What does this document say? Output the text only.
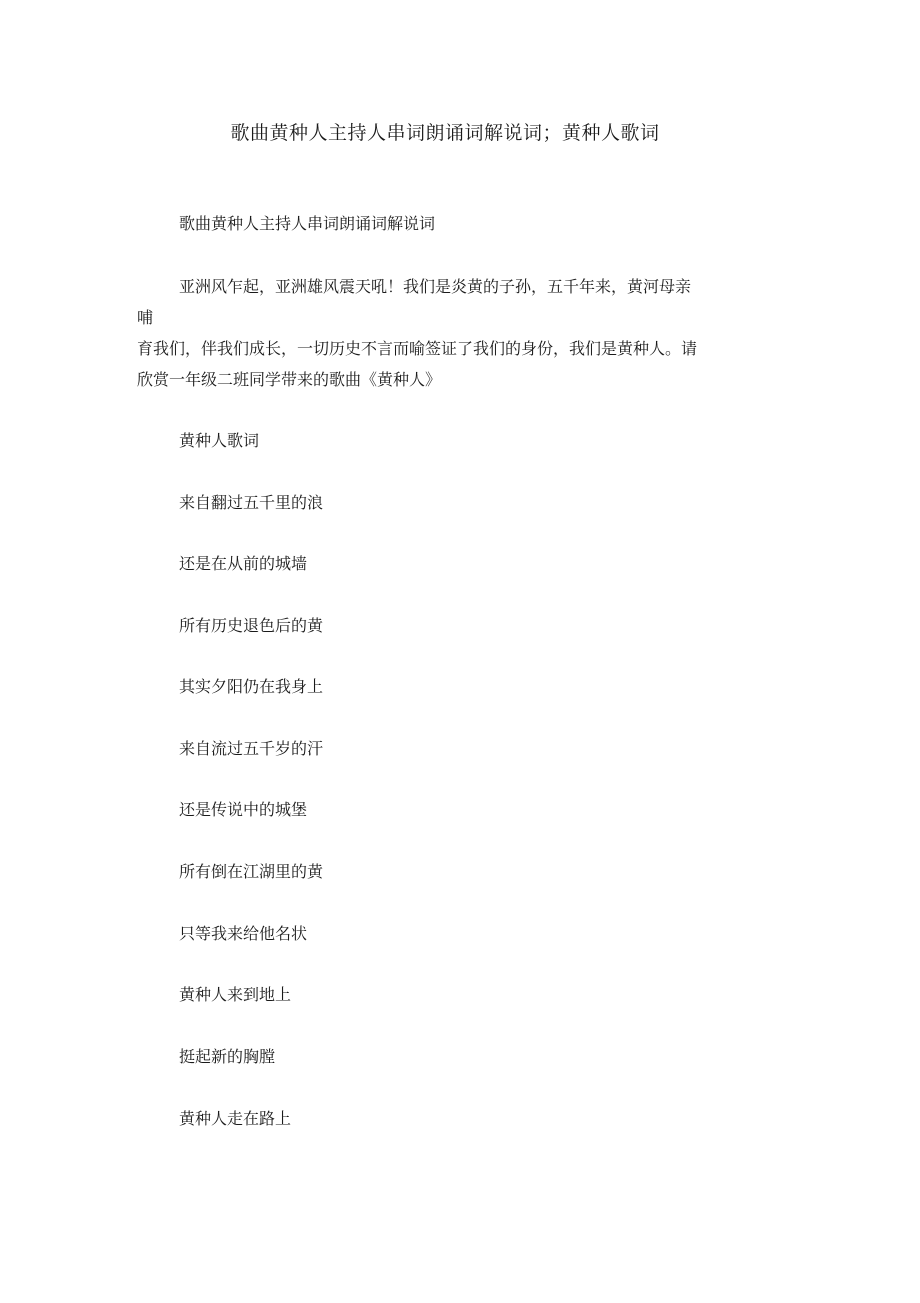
歌曲黄种人主持人串词朗诵词解说词；黄种人歌词
歌曲黄种人主持人串词朗诵词解说词

亚洲风乍起，亚洲雄风震天吼！我们是炎黄的子孙，五千年来，黄河母亲
哺
育我们，伴我们成长，一切历史不言而喻签证了我们的身份，我们是黄种人。请
欣赏一年级二班同学带来的歌曲《黄种人》

黄种人歌词
来自翻过五千里的浪
还是在从前的城墙
所有历史退色后的黄
其实夕阳仍在我身上
来自流过五千岁的汗
还是传说中的城堡
所有倒在江湖里的黄
只等我来给他名状
黄种人来到地上
挺起新的胸膛
黄种人走在路上
